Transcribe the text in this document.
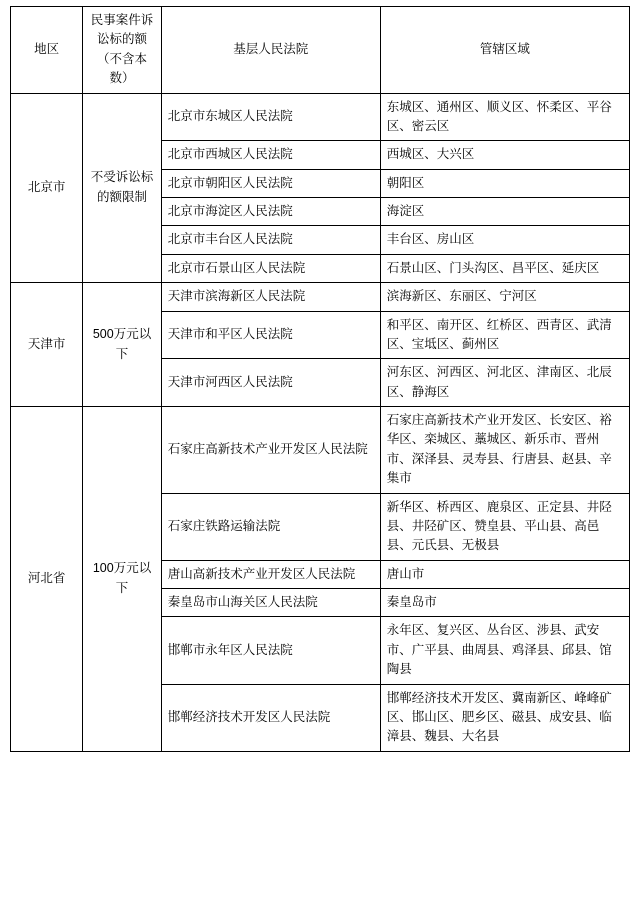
地区	民事案件诉讼标的额（不含本数）	基层人民法院	管辖区域
北京市	不受诉讼标的额限制	北京市东城区人民法院	东城区、通州区、顺义区、怀柔区、平谷区、密云区
		北京市西城区人民法院	西城区、大兴区
		北京市朝阳区人民法院	朝阳区
		北京市海淀区人民法院	海淀区
		北京市丰台区人民法院	丰台区、房山区
		北京市石景山区人民法院	石景山区、门头沟区、昌平区、延庆区
天津市	500万元以下	天津市滨海新区人民法院	滨海新区、东丽区、宁河区
		天津市和平区人民法院	和平区、南开区、红桥区、西青区、武清区、宝坻区、蓟州区
		天津市河西区人民法院	河东区、河西区、河北区、津南区、北辰区、静海区
河北省	100万元以下	石家庄高新技术产业开发区人民法院	石家庄高新技术产业开发区、长安区、裕华区、栾城区、藁城区、新乐市、晋州市、深泽县、灵寿县、行唐县、赵县、辛集市
		石家庄铁路运输法院	新华区、桥西区、鹿泉区、正定县、井陉县、井陉矿区、赞皇县、平山县、高邑县、元氏县、无极县
		唐山高新技术产业开发区人民法院	唐山市
		秦皇岛市山海关区人民法院	秦皇岛市
		邯郸市永年区人民法院	永年区、复兴区、丛台区、涉县、武安市、广平县、曲周县、鸡泽县、邱县、馆陶县
		邯郸经济技术开发区人民法院	邯郸经济技术开发区、冀南新区、峰峰矿区、邯山区、肥乡区、磁县、成安县、临漳县、魏县、大名县
